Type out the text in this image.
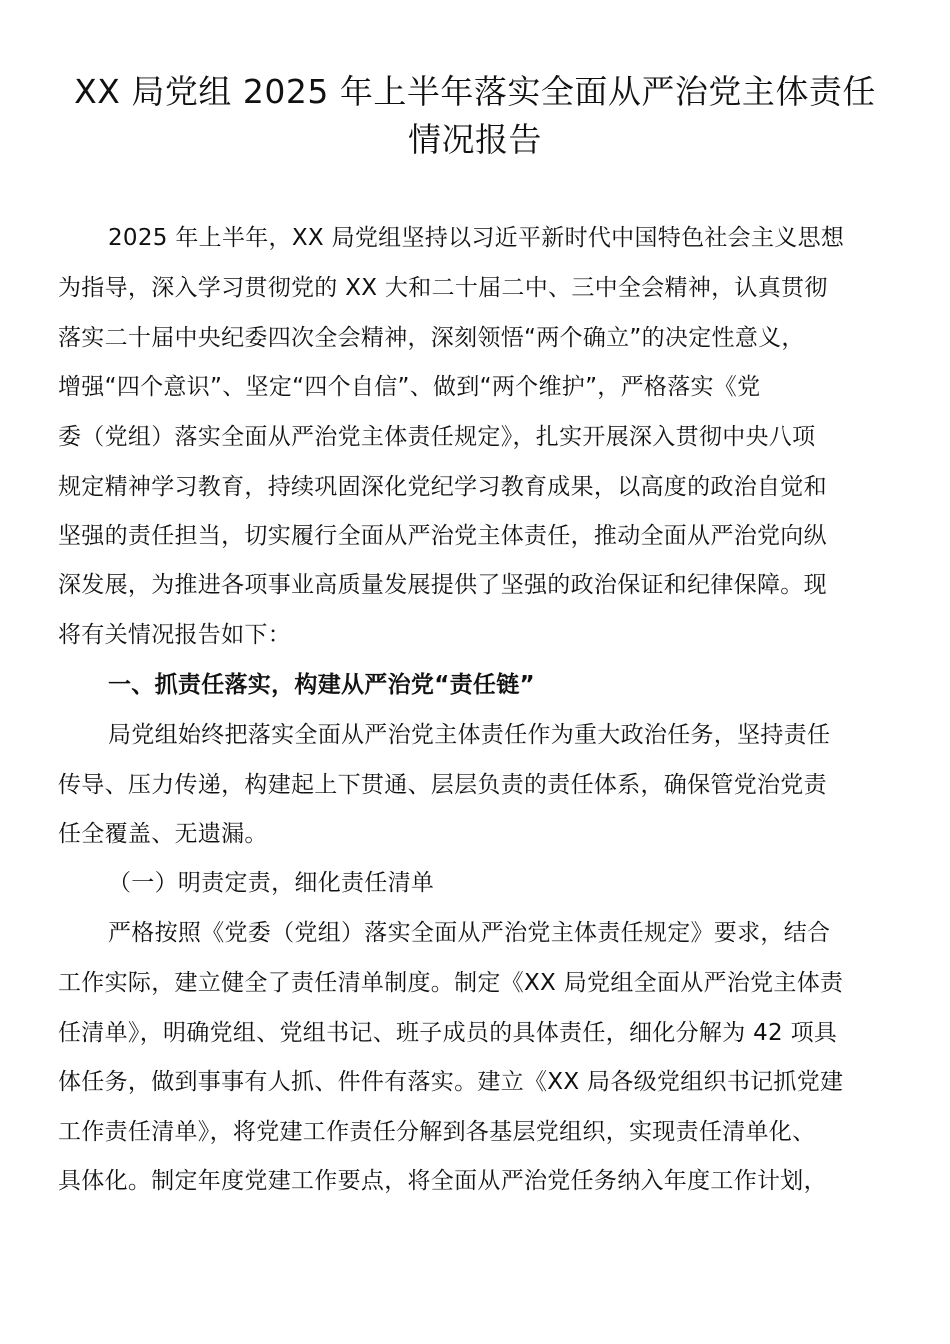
XX 局党组 2025 年上半年落实全面从严治党主体责任
情况报告
2025 年上半年，XX 局党组坚持以习近平新时代中国特色社会主义思想
为指导，深入学习贯彻党的 XX 大和二十届二中、三中全会精神，认真贯彻
落实二十届中央纪委四次全会精神，深刻领悟“两个确立”的决定性意义，
增强“四个意识”、坚定“四个自信”、做到“两个维护”，严格落实《党
委（党组）落实全面从严治党主体责任规定》，扎实开展深入贯彻中央八项
规定精神学习教育，持续巩固深化党纪学习教育成果，以高度的政治自觉和
坚强的责任担当，切实履行全面从严治党主体责任，推动全面从严治党向纵
深发展，为推进各项事业高质量发展提供了坚强的政治保证和纪律保障。现
将有关情况报告如下：
一、抓责任落实，构建从严治党“责任链”
局党组始终把落实全面从严治党主体责任作为重大政治任务，坚持责任
传导、压力传递，构建起上下贯通、层层负责的责任体系，确保管党治党责
任全覆盖、无遗漏。
（一）明责定责，细化责任清单
严格按照《党委（党组）落实全面从严治党主体责任规定》要求，结合
工作实际，建立健全了责任清单制度。制定《XX 局党组全面从严治党主体责
任清单》，明确党组、党组书记、班子成员的具体责任，细化分解为 42 项具
体任务，做到事事有人抓、件件有落实。建立《XX 局各级党组织书记抓党建
工作责任清单》，将党建工作责任分解到各基层党组织，实现责任清单化、
具体化。制定年度党建工作要点，将全面从严治党任务纳入年度工作计划，
